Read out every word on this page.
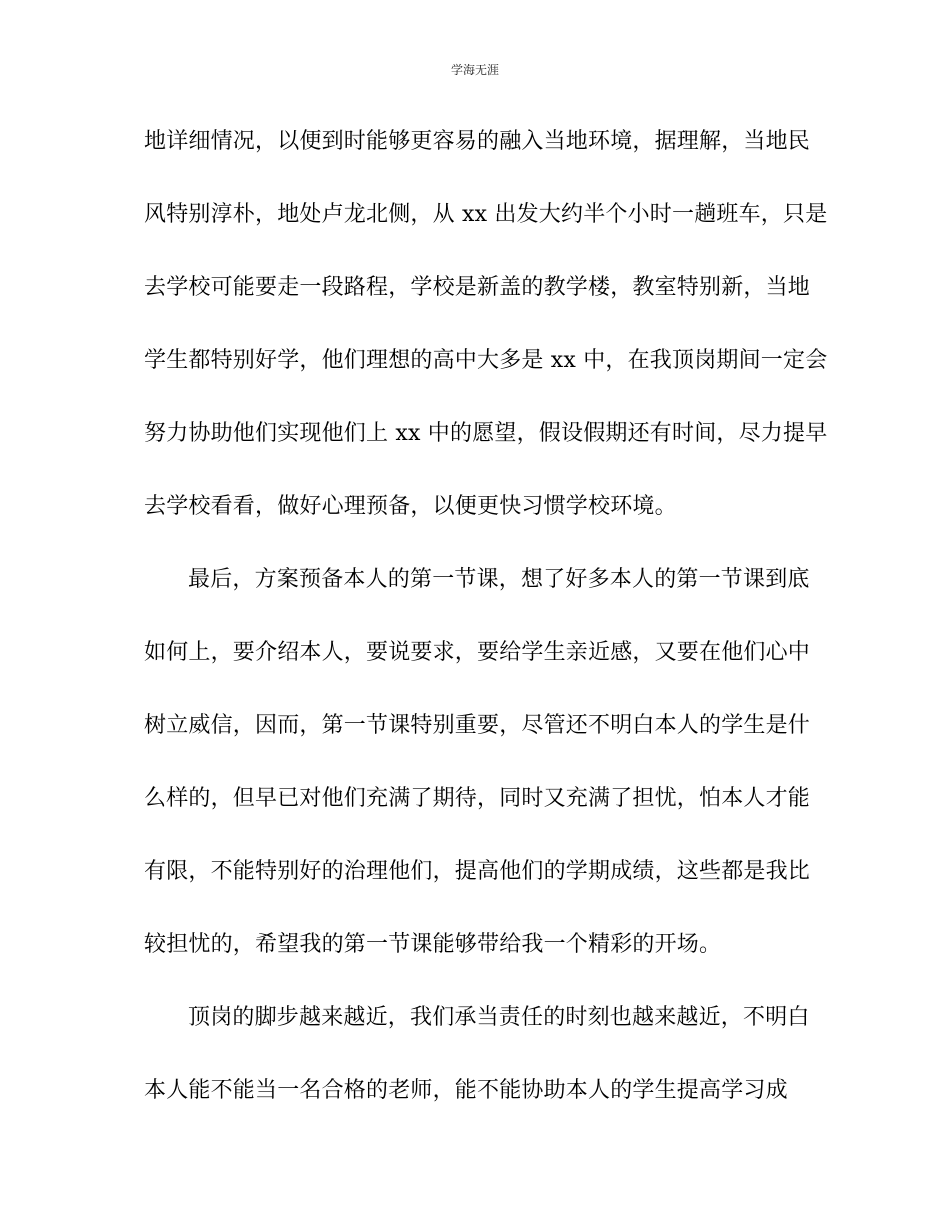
学海无涯
地详细情况，以便到时能够更容易的融入当地环境，据理解，当地民
风特别淳朴，地处卢龙北侧，从 xx 出发大约半个小时一趟班车，只是
去学校可能要走一段路程，学校是新盖的教学楼，教室特别新，当地
学生都特别好学，他们理想的高中大多是 xx 中，在我顶岗期间一定会
努力协助他们实现他们上 xx 中的愿望，假设假期还有时间，尽力提早
去学校看看，做好心理预备，以便更快习惯学校环境。
最后，方案预备本人的第一节课，想了好多本人的第一节课到底
如何上，要介绍本人，要说要求，要给学生亲近感，又要在他们心中
树立威信，因而，第一节课特别重要，尽管还不明白本人的学生是什
么样的，但早已对他们充满了期待，同时又充满了担忧，怕本人才能
有限，不能特别好的治理他们，提高他们的学期成绩，这些都是我比
较担忧的，希望我的第一节课能够带给我一个精彩的开场。
顶岗的脚步越来越近，我们承当责任的时刻也越来越近，不明白
本人能不能当一名合格的老师，能不能协助本人的学生提高学习成
